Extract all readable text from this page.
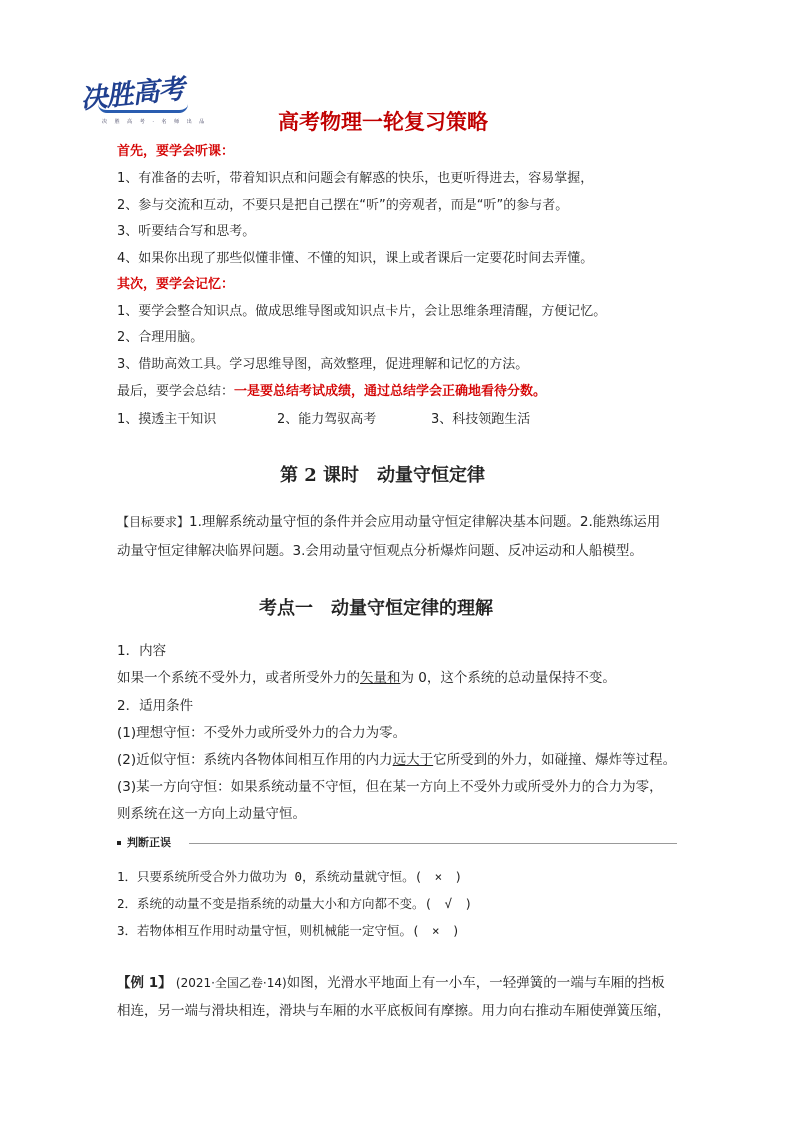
决胜高考
决 胜 高 考 · 名 师 出 品	高考物理一轮复习策略
首先，要学会听课：
1、有准备的去听，带着知识点和问题会有解惑的快乐，也更听得进去，容易掌握，
2、参与交流和互动，不要只是把自己摆在“听”的旁观者，而是“听”的参与者。
3、听要结合写和思考。
4、如果你出现了那些似懂非懂、不懂的知识，课上或者课后一定要花时间去弄懂。
其次，要学会记忆：
1、要学会整合知识点。做成思维导图或知识点卡片，会让思维条理清醒，方便记忆。
2、合理用脑。
3、借助高效工具。学习思维导图，高效整理，促进理解和记忆的方法。
最后，要学会总结：一是要总结考试成绩，通过总结学会正确地看待分数。
1、摸透主干知识	2、能力驾驭高考	3、科技领跑生活
第 2 课时　动量守恒定律
【目标要求】1.理解系统动量守恒的条件并会应用动量守恒定律解决基本问题。2.能熟练运用
动量守恒定律解决临界问题。3.会用动量守恒观点分析爆炸问题、反冲运动和人船模型。
考点一　动量守恒定律的理解
1．内容
如果一个系统不受外力，或者所受外力的矢量和为 0，这个系统的总动量保持不变。
2．适用条件
(1)理想守恒：不受外力或所受外力的合力为零。
(2)近似守恒：系统内各物体间相互作用的内力远大于它所受到的外力，如碰撞、爆炸等过程。
(3)某一方向守恒：如果系统动量不守恒，但在某一方向上不受外力或所受外力的合力为零，
则系统在这一方向上动量守恒。
判断正误
1．只要系统所受合外力做功为 0，系统动量就守恒。(　×　)
2．系统的动量不变是指系统的动量大小和方向都不变。(　√　)
3．若物体相互作用时动量守恒，则机械能一定守恒。(　×　)
【例 1】 (2021·全国乙卷·14)如图，光滑水平地面上有一小车，一轻弹簧的一端与车厢的挡板
相连，另一端与滑块相连，滑块与车厢的水平底板间有摩擦。用力向右推动车厢使弹簧压缩，
